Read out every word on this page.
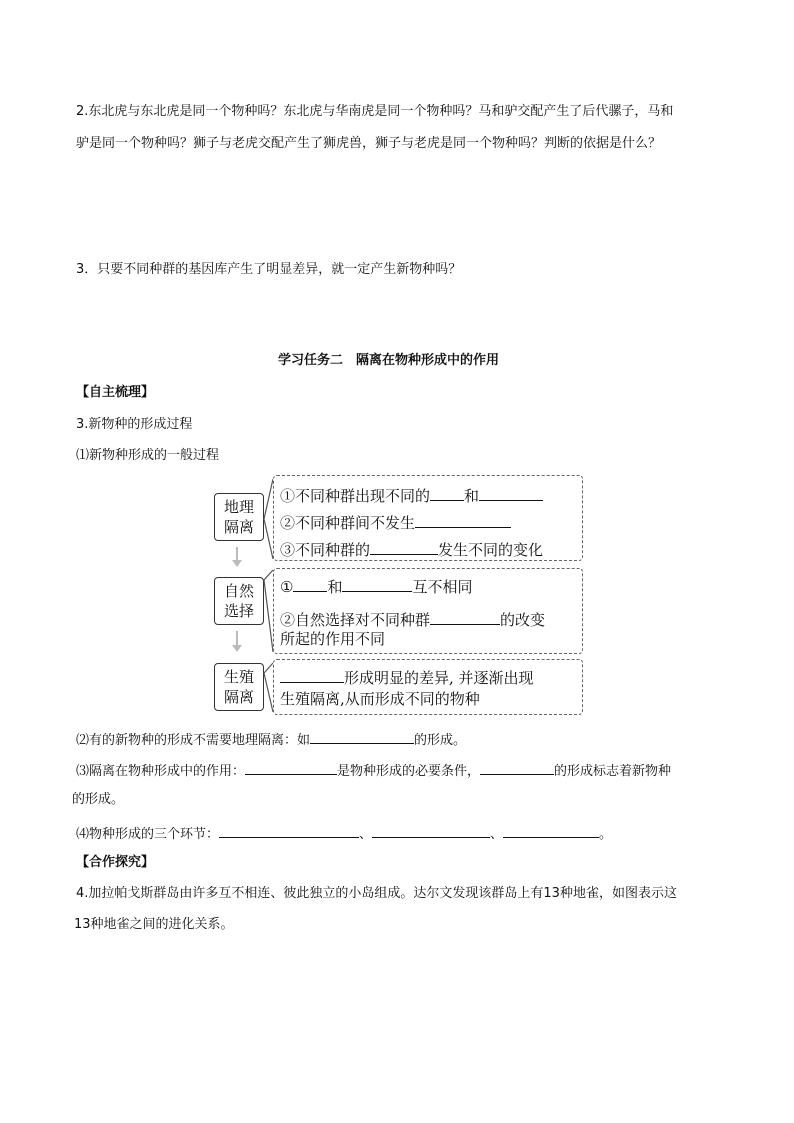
2.东北虎与东北虎是同一个物种吗？东北虎与华南虎是同一个物种吗？马和驴交配产生了后代骡子，马和
驴是同一个物种吗？狮子与老虎交配产生了狮虎兽，狮子与老虎是同一个物种吗？判断的依据是什么？
3．只要不同种群的基因库产生了明显差异，就一定产生新物种吗？
学习任务二　隔离在物种形成中的作用
【自主梳理】
3.新物种的形成过程
⑴新物种形成的一般过程
地理
隔离
自然
选择
生殖
隔离
①不同种群出现不同的 和
②不同种群间不发生
③不同种群的	发生不同的变化
① 和	互不相同
②自然选择对不同种群	的改变
所起的作用不同
形成明显的差异, 并逐渐出现
生殖隔离,从而形成不同的物种
⑵有的新物种的形成不需要地理隔离：如	的形成。
⑶隔离在物种形成中的作用：	是物种形成的必要条件，	的形成标志着新物种
的形成。
⑷物种形成的三个环节：	、	、	。
【合作探究】
4.加拉帕戈斯群岛由许多互不相连、彼此独立的小岛组成。达尔文发现该群岛上有13种地雀，如图表示这
13种地雀之间的进化关系。
